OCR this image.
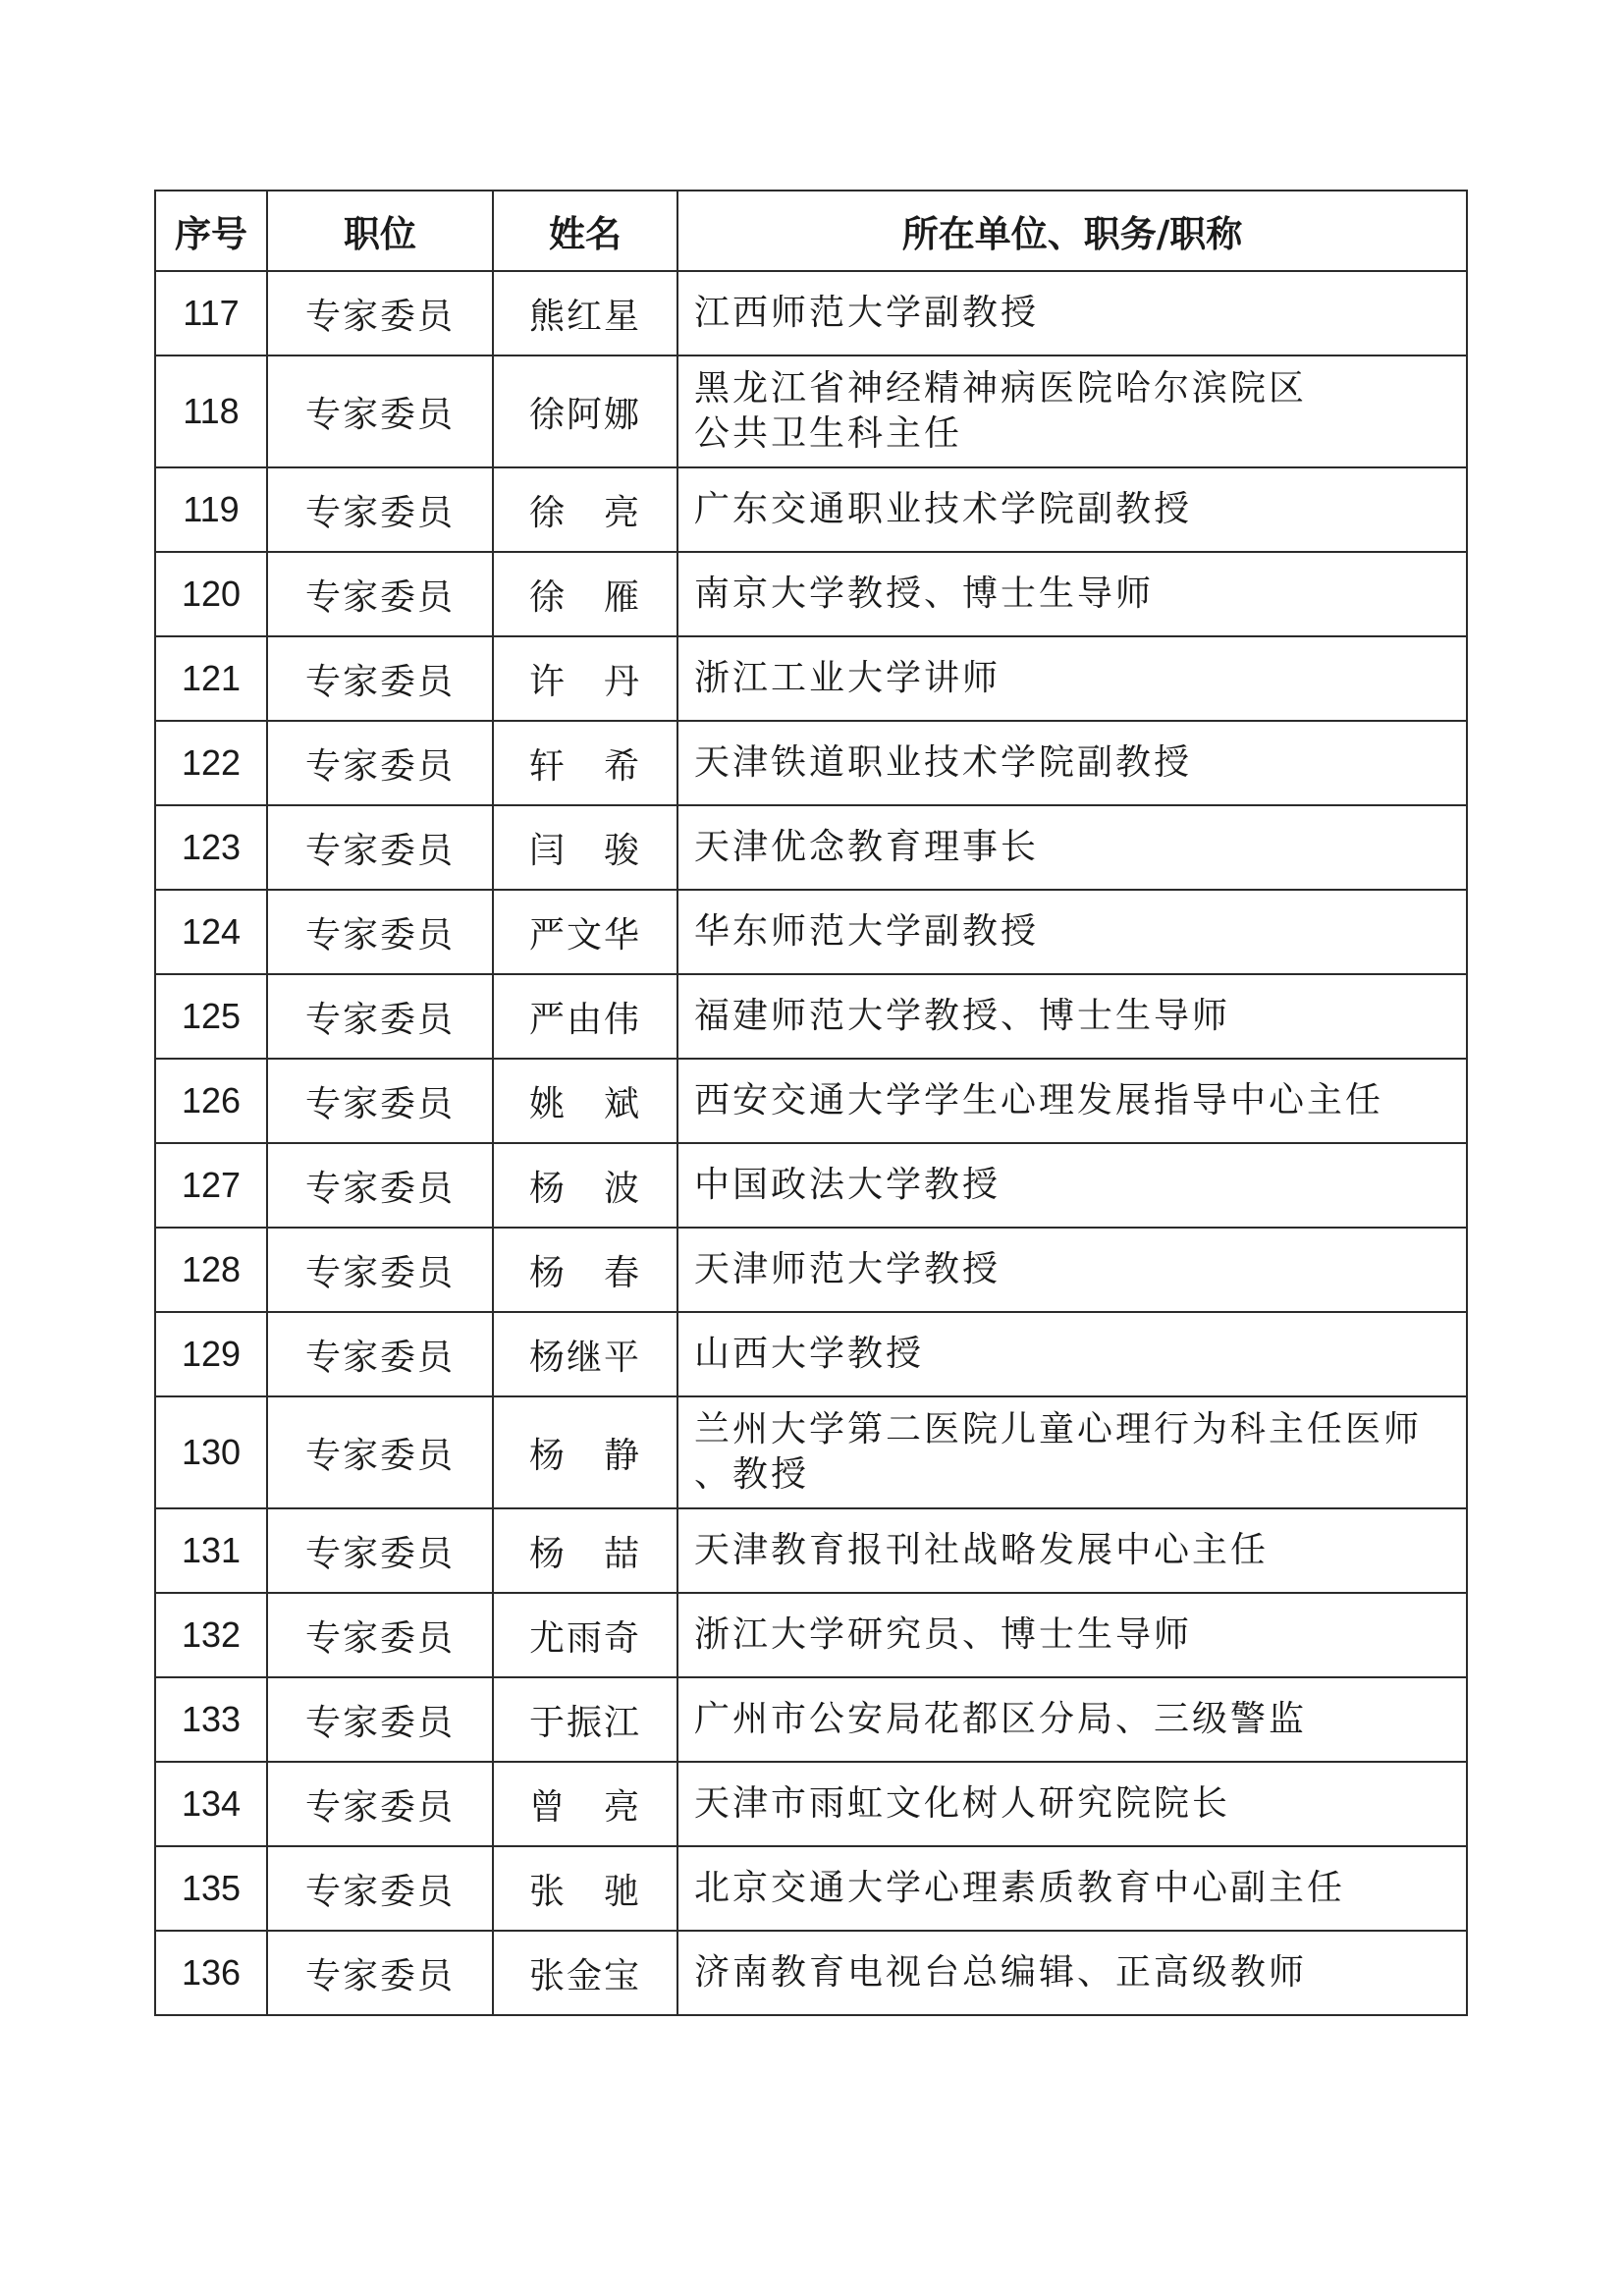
序号	职位	姓名	所在单位、职务/职称
117	专家委员	熊红星	江西师范大学副教授

118	专家委员	徐阿娜	黑龙江省神经精神病医院哈尔滨院区
公共卫生科主任

119	专家委员	徐　亮	广东交通职业技术学院副教授

120	专家委员	徐　雁	南京大学教授、博士生导师

121	专家委员	许　丹	浙江工业大学讲师

122	专家委员	轩　希	天津铁道职业技术学院副教授

123	专家委员	闫　骏	天津优念教育理事长

124	专家委员	严文华	华东师范大学副教授

125	专家委员	严由伟	福建师范大学教授、博士生导师

126	专家委员	姚　斌	西安交通大学学生心理发展指导中心主任

127	专家委员	杨　波	中国政法大学教授

128	专家委员	杨　春	天津师范大学教授

129	专家委员	杨继平	山西大学教授

130	专家委员	杨　静	兰州大学第二医院儿童心理行为科主任医师
、教授

131	专家委员	杨　喆	天津教育报刊社战略发展中心主任

132	专家委员	尤雨奇	浙江大学研究员、博士生导师

133	专家委员	于振江	广州市公安局花都区分局、三级警监

134	专家委员	曾　亮	天津市雨虹文化树人研究院院长

135	专家委员	张　驰	北京交通大学心理素质教育中心副主任

136	专家委员	张金宝	济南教育电视台总编辑、正高级教师
